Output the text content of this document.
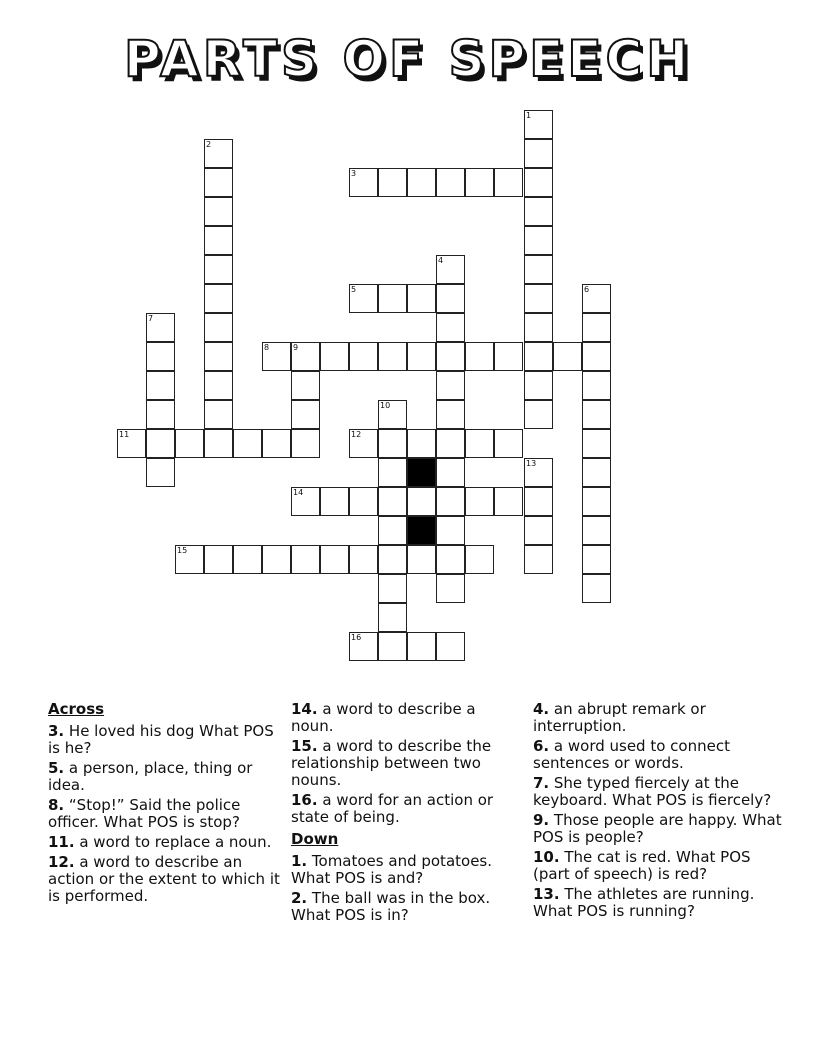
PARTS OF SPEECH
1
2
3
4
5	6
7
8	9
10
11	12
13
14
15
16
Across
3. He loved his dog What POS is he?
5. a person, place, thing or idea.
8. “Stop!” Said the police officer. What POS is stop?
11. a word to replace a noun.
12. a word to describe an action or the extent to which it is performed.
14. a word to describe a noun.
15. a word to describe the relationship between two nouns.
16. a word for an action or state of being.
Down
1. Tomatoes and potatoes. What POS is and?
2. The ball was in the box. What POS is in?
4. an abrupt remark or interruption.
6. a word used to connect sentences or words.
7. She typed fiercely at the keyboard. What POS is fiercely?
9. Those people are happy. What POS is people?
10. The cat is red. What POS (part of speech) is red?
13. The athletes are running. What POS is running?
